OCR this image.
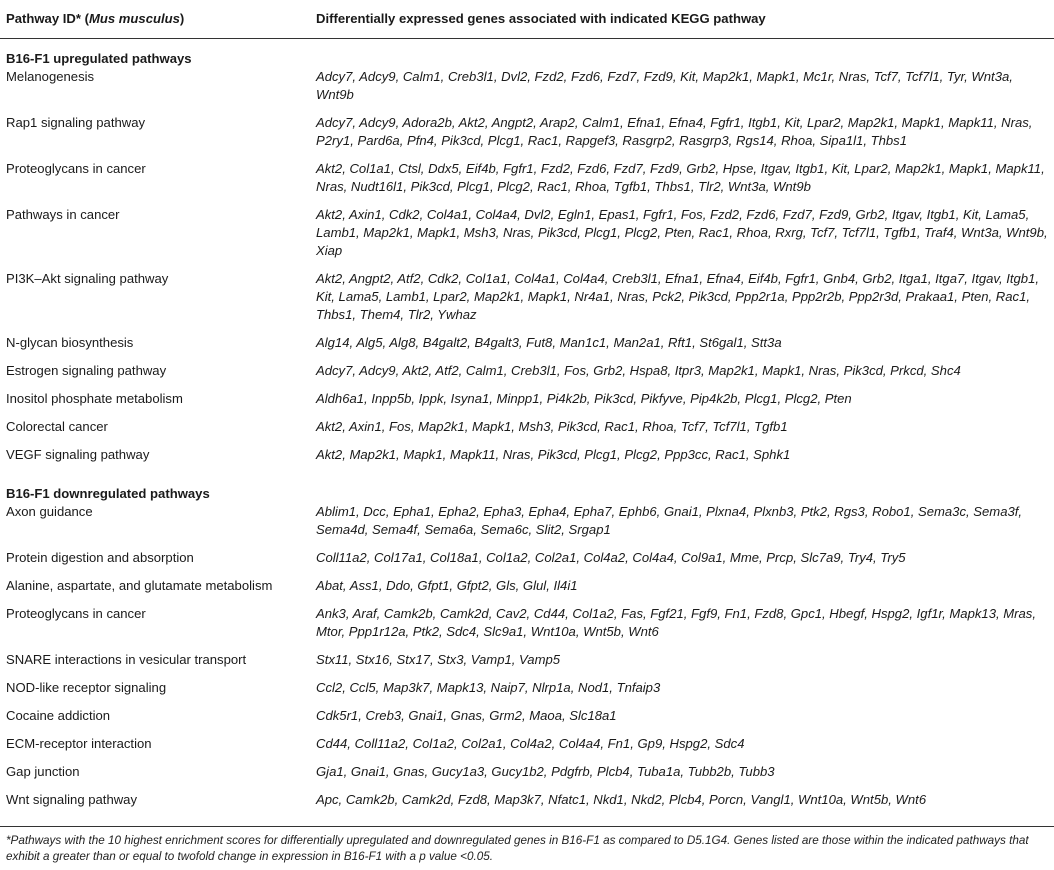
Pathway ID* (Mus musculus)	Differentially expressed genes associated with indicated KEGG pathway
B16-F1 upregulated pathways	
Melanogenesis	Adcy7, Adcy9, Calm1, Creb3l1, Dvl2, Fzd2, Fzd6, Fzd7, Fzd9, Kit, Map2k1, Mapk1, Mc1r, Nras, Tcf7, Tcf7l1, Tyr, Wnt3a, Wnt9b
Rap1 signaling pathway	Adcy7, Adcy9, Adora2b, Akt2, Angpt2, Arap2, Calm1, Efna1, Efna4, Fgfr1, Itgb1, Kit, Lpar2, Map2k1, Mapk1, Mapk11, Nras, P2ry1, Pard6a, Pfn4, Pik3cd, Plcg1, Rac1, Rapgef3, Rasgrp2, Rasgrp3, Rgs14, Rhoa, Sipa1l1, Thbs1
Proteoglycans in cancer	Akt2, Col1a1, Ctsl, Ddx5, Eif4b, Fgfr1, Fzd2, Fzd6, Fzd7, Fzd9, Grb2, Hpse, Itgav, Itgb1, Kit, Lpar2, Map2k1, Mapk1, Mapk11, Nras, Nudt16l1, Pik3cd, Plcg1, Plcg2, Rac1, Rhoa, Tgfb1, Thbs1, Tlr2, Wnt3a, Wnt9b
Pathways in cancer	Akt2, Axin1, Cdk2, Col4a1, Col4a4, Dvl2, Egln1, Epas1, Fgfr1, Fos, Fzd2, Fzd6, Fzd7, Fzd9, Grb2, Itgav, Itgb1, Kit, Lama5, Lamb1, Map2k1, Mapk1, Msh3, Nras, Pik3cd, Plcg1, Plcg2, Pten, Rac1, Rhoa, Rxrg, Tcf7, Tcf7l1, Tgfb1, Traf4, Wnt3a, Wnt9b, Xiap
PI3K–Akt signaling pathway	Akt2, Angpt2, Atf2, Cdk2, Col1a1, Col4a1, Col4a4, Creb3l1, Efna1, Efna4, Eif4b, Fgfr1, Gnb4, Grb2, Itga1, Itga7, Itgav, Itgb1, Kit, Lama5, Lamb1, Lpar2, Map2k1, Mapk1, Nr4a1, Nras, Pck2, Pik3cd, Ppp2r1a, Ppp2r2b, Ppp2r3d, Prakaa1, Pten, Rac1, Thbs1, Them4, Tlr2, Ywhaz
N-glycan biosynthesis	Alg14, Alg5, Alg8, B4galt2, B4galt3, Fut8, Man1c1, Man2a1, Rft1, St6gal1, Stt3a
Estrogen signaling pathway	Adcy7, Adcy9, Akt2, Atf2, Calm1, Creb3l1, Fos, Grb2, Hspa8, Itpr3, Map2k1, Mapk1, Nras, Pik3cd, Prkcd, Shc4
Inositol phosphate metabolism	Aldh6a1, Inpp5b, Ippk, Isyna1, Minpp1, Pi4k2b, Pik3cd, Pikfyve, Pip4k2b, Plcg1, Plcg2, Pten
Colorectal cancer	Akt2, Axin1, Fos, Map2k1, Mapk1, Msh3, Pik3cd, Rac1, Rhoa, Tcf7, Tcf7l1, Tgfb1
VEGF signaling pathway	Akt2, Map2k1, Mapk1, Mapk11, Nras, Pik3cd, Plcg1, Plcg2, Ppp3cc, Rac1, Sphk1
B16-F1 downregulated pathways	
Axon guidance	Ablim1, Dcc, Epha1, Epha2, Epha3, Epha4, Epha7, Ephb6, Gnai1, Plxna4, Plxnb3, Ptk2, Rgs3, Robo1, Sema3c, Sema3f, Sema4d, Sema4f, Sema6a, Sema6c, Slit2, Srgap1
Protein digestion and absorption	Coll11a2, Col17a1, Col18a1, Col1a2, Col2a1, Col4a2, Col4a4, Col9a1, Mme, Prcp, Slc7a9, Try4, Try5
Alanine, aspartate, and glutamate metabolism	Abat, Ass1, Ddo, Gfpt1, Gfpt2, Gls, Glul, Il4i1
Proteoglycans in cancer	Ank3, Araf, Camk2b, Camk2d, Cav2, Cd44, Col1a2, Fas, Fgf21, Fgf9, Fn1, Fzd8, Gpc1, Hbegf, Hspg2, Igf1r, Mapk13, Mras, Mtor, Ppp1r12a, Ptk2, Sdc4, Slc9a1, Wnt10a, Wnt5b, Wnt6
SNARE interactions in vesicular transport	Stx11, Stx16, Stx17, Stx3, Vamp1, Vamp5
NOD-like receptor signaling	Ccl2, Ccl5, Map3k7, Mapk13, Naip7, Nlrp1a, Nod1, Tnfaip3
Cocaine addiction	Cdk5r1, Creb3, Gnai1, Gnas, Grm2, Maoa, Slc18a1
ECM-receptor interaction	Cd44, Coll11a2, Col1a2, Col2a1, Col4a2, Col4a4, Fn1, Gp9, Hspg2, Sdc4
Gap junction	Gja1, Gnai1, Gnas, Gucy1a3, Gucy1b2, Pdgfrb, Plcb4, Tuba1a, Tubb2b, Tubb3
Wnt signaling pathway	Apc, Camk2b, Camk2d, Fzd8, Map3k7, Nfatc1, Nkd1, Nkd2, Plcb4, Porcn, Vangl1, Wnt10a, Wnt5b, Wnt6
*Pathways with the 10 highest enrichment scores for differentially upregulated and downregulated genes in B16-F1 as compared to D5.1G4. Genes listed are those within the indicated pathways that exhibit a greater than or equal to twofold change in expression in B16-F1 with a p value <0.05.
